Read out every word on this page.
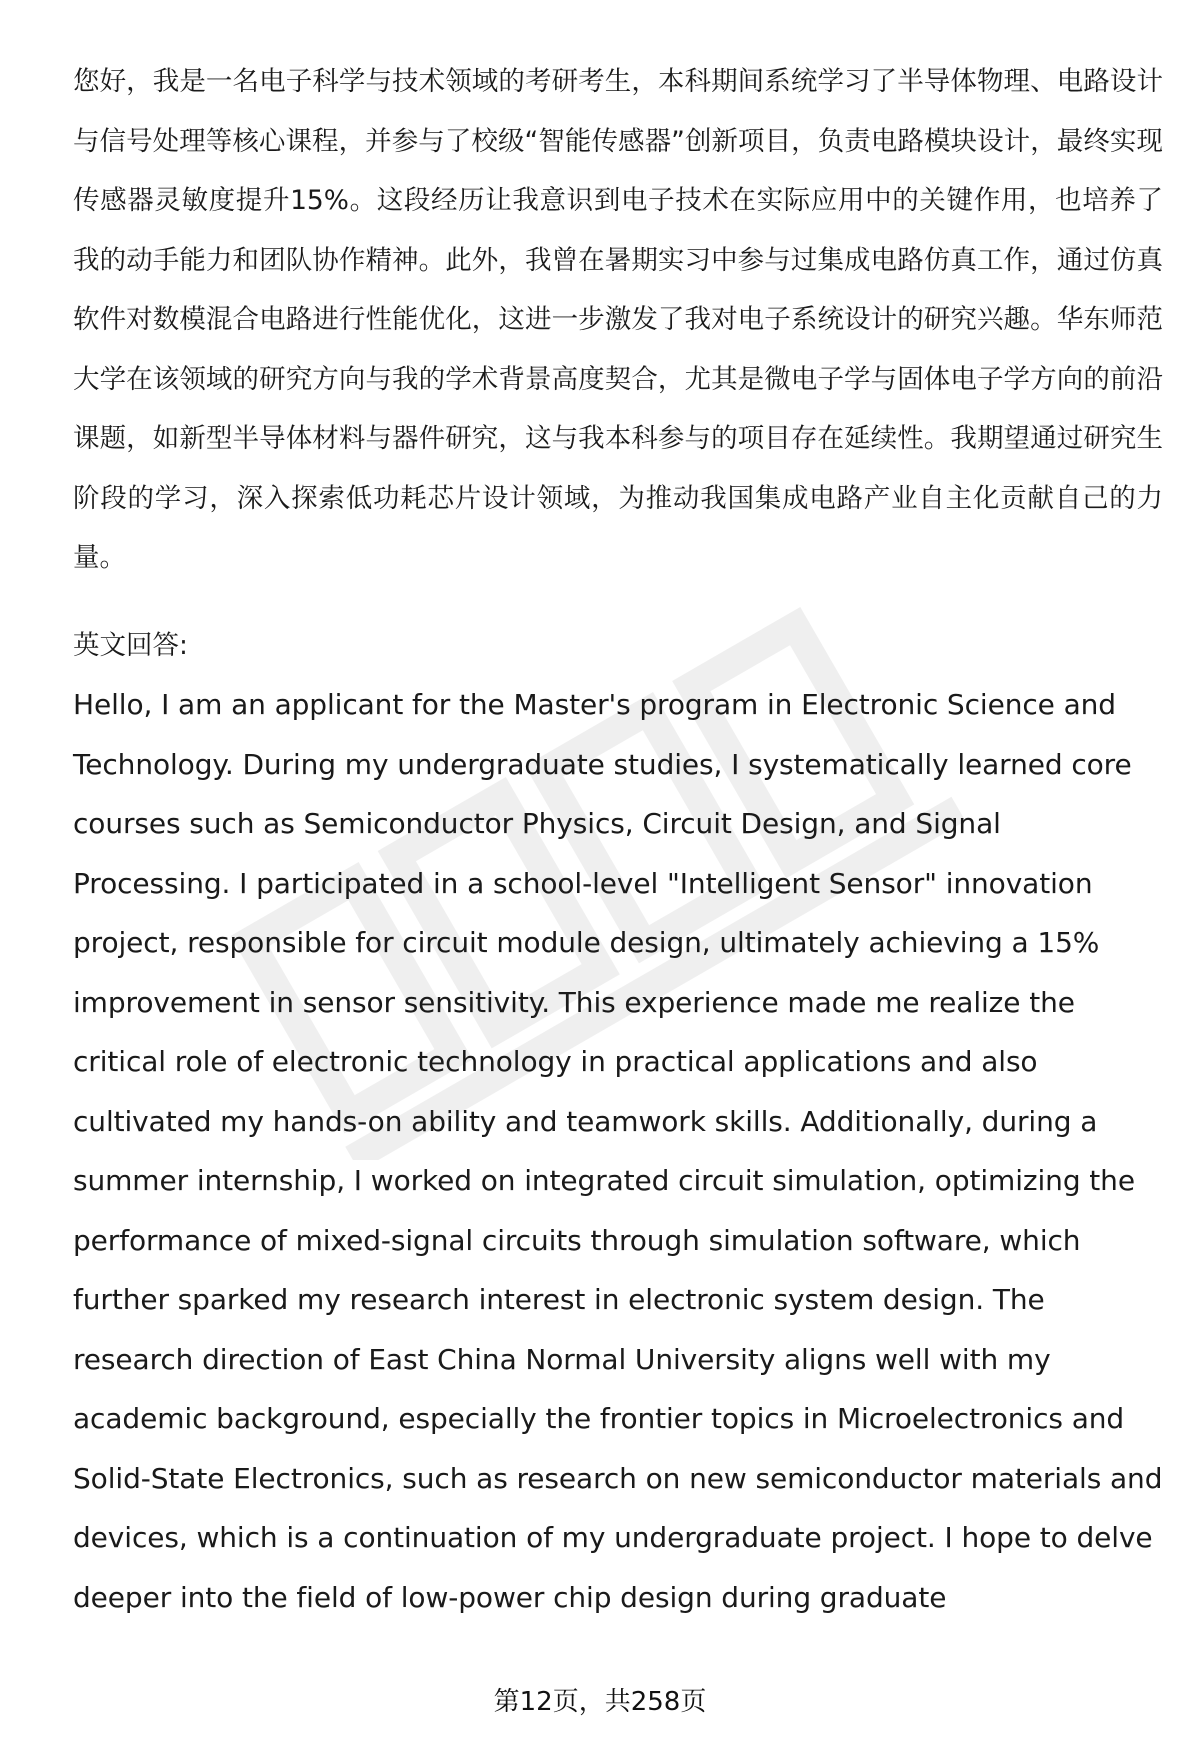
您好，我是一名电子科学与技术领域的考研考生，本科期间系统学习了半导体物理、电路设计与信号处理等核心课程，并参与了校级“智能传感器”创新项目，负责电路模块设计，最终实现传感器灵敏度提升15%。这段经历让我意识到电子技术在实际应用中的关键作用，也培养了我的动手能力和团队协作精神。此外，我曾在暑期实习中参与过集成电路仿真工作，通过仿真软件对数模混合电路进行性能优化，这进一步激发了我对电子系统设计的研究兴趣。华东师范大学在该领域的研究方向与我的学术背景高度契合，尤其是微电子学与固体电子学方向的前沿课题，如新型半导体材料与器件研究，这与我本科参与的项目存在延续性。我期望通过研究生阶段的学习，深入探索低功耗芯片设计领域，为推动我国集成电路产业自主化贡献自己的力量。

英文回答:

Hello, I am an applicant for the Master's program in Electronic Science and Technology. During my undergraduate studies, I systematically learned core courses such as Semiconductor Physics, Circuit Design, and Signal Processing. I participated in a school-level "Intelligent Sensor" innovation project, responsible for circuit module design, ultimately achieving a 15% improvement in sensor sensitivity. This experience made me realize the critical role of electronic technology in practical applications and also cultivated my hands-on ability and teamwork skills. Additionally, during a summer internship, I worked on integrated circuit simulation, optimizing the performance of mixed-signal circuits through simulation software, which further sparked my research interest in electronic system design. The research direction of East China Normal University aligns well with my academic background, especially the frontier topics in Microelectronics and Solid-State Electronics, such as research on new semiconductor materials and devices, which is a continuation of my undergraduate project. I hope to delve deeper into the field of low-power chip design during graduate

第12页，共258页
